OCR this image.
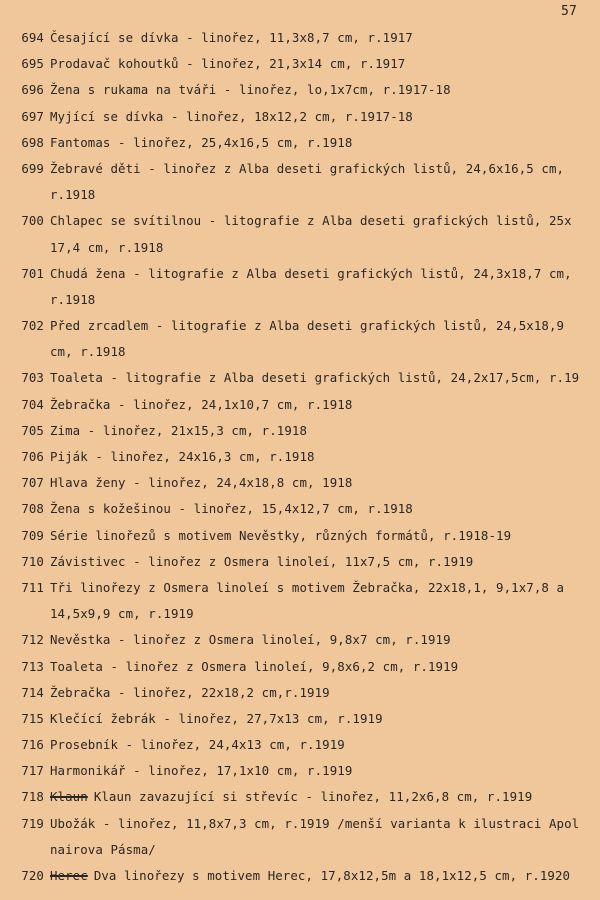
57
694 Česající se dívka - linořez, 11,3x8,7 cm, r.1917
695 Prodavač kohoutků - linořez, 21,3x14 cm, r.1917
696 Žena s rukama na tváři - linořez, lo,1x7cm, r.1917-18
697 Myjící se dívka - linořez, 18x12,2 cm, r.1917-18
698 Fantomas - linořez, 25,4x16,5 cm, r.1918
699 Žebravé děti - linořez z Alba deseti grafických listů, 24,6x16,5 cm,
r.1918
700 Chlapec se svítilnou - litografie z Alba deseti grafických listů, 25x
17,4 cm, r.1918
701 Chudá žena - litografie z Alba deseti grafických listů, 24,3x18,7 cm,
r.1918
702 Před zrcadlem - litografie z Alba deseti grafických listů, 24,5x18,9
cm, r.1918
703 Toaleta - litografie z Alba deseti grafických listů, 24,2x17,5cm, r.19
704 Žebračka - linořez, 24,1x10,7 cm, r.1918
705 Zima - linořez, 21x15,3 cm, r.1918
706 Piják - linořez, 24x16,3 cm, r.1918
707 Hlava ženy - linořez, 24,4x18,8 cm, 1918
708 Žena s kožešinou - linořez, 15,4x12,7 cm, r.1918
709 Série linořezů s motivem Nevěstky, různých formátů, r.1918-19
710 Závistivec - linořez z Osmera linoleí, 11x7,5 cm, r.1919
711 Tři linořezy z Osmera linoleí s motivem Žebračka, 22x18,1, 9,1x7,8 a
14,5x9,9 cm, r.1919
712 Nevěstka - linořez z Osmera linoleí, 9,8x7 cm, r.1919
713 Toaleta - linořez z Osmera linoleí, 9,8x6,2 cm, r.1919
714 Žebračka - linořez, 22x18,2 cm,r.1919
715 Klečící žebrák - linořez, 27,7x13 cm, r.1919
716 Prosebník - linořez, 24,4x13 cm, r.1919
717 Harmonikář - linořez, 17,1x10 cm, r.1919
718 Klaun Klaun zavazující si střevíc - linořez, 11,2x6,8 cm, r.1919
719 Ubožák - linořez, 11,8x7,3 cm, r.1919 /menší varianta k ilustraci Apol
nairova Pásma/
720 Herec Dva linořezy s motivem Herec, 17,8x12,5m a 18,1x12,5 cm, r.1920
